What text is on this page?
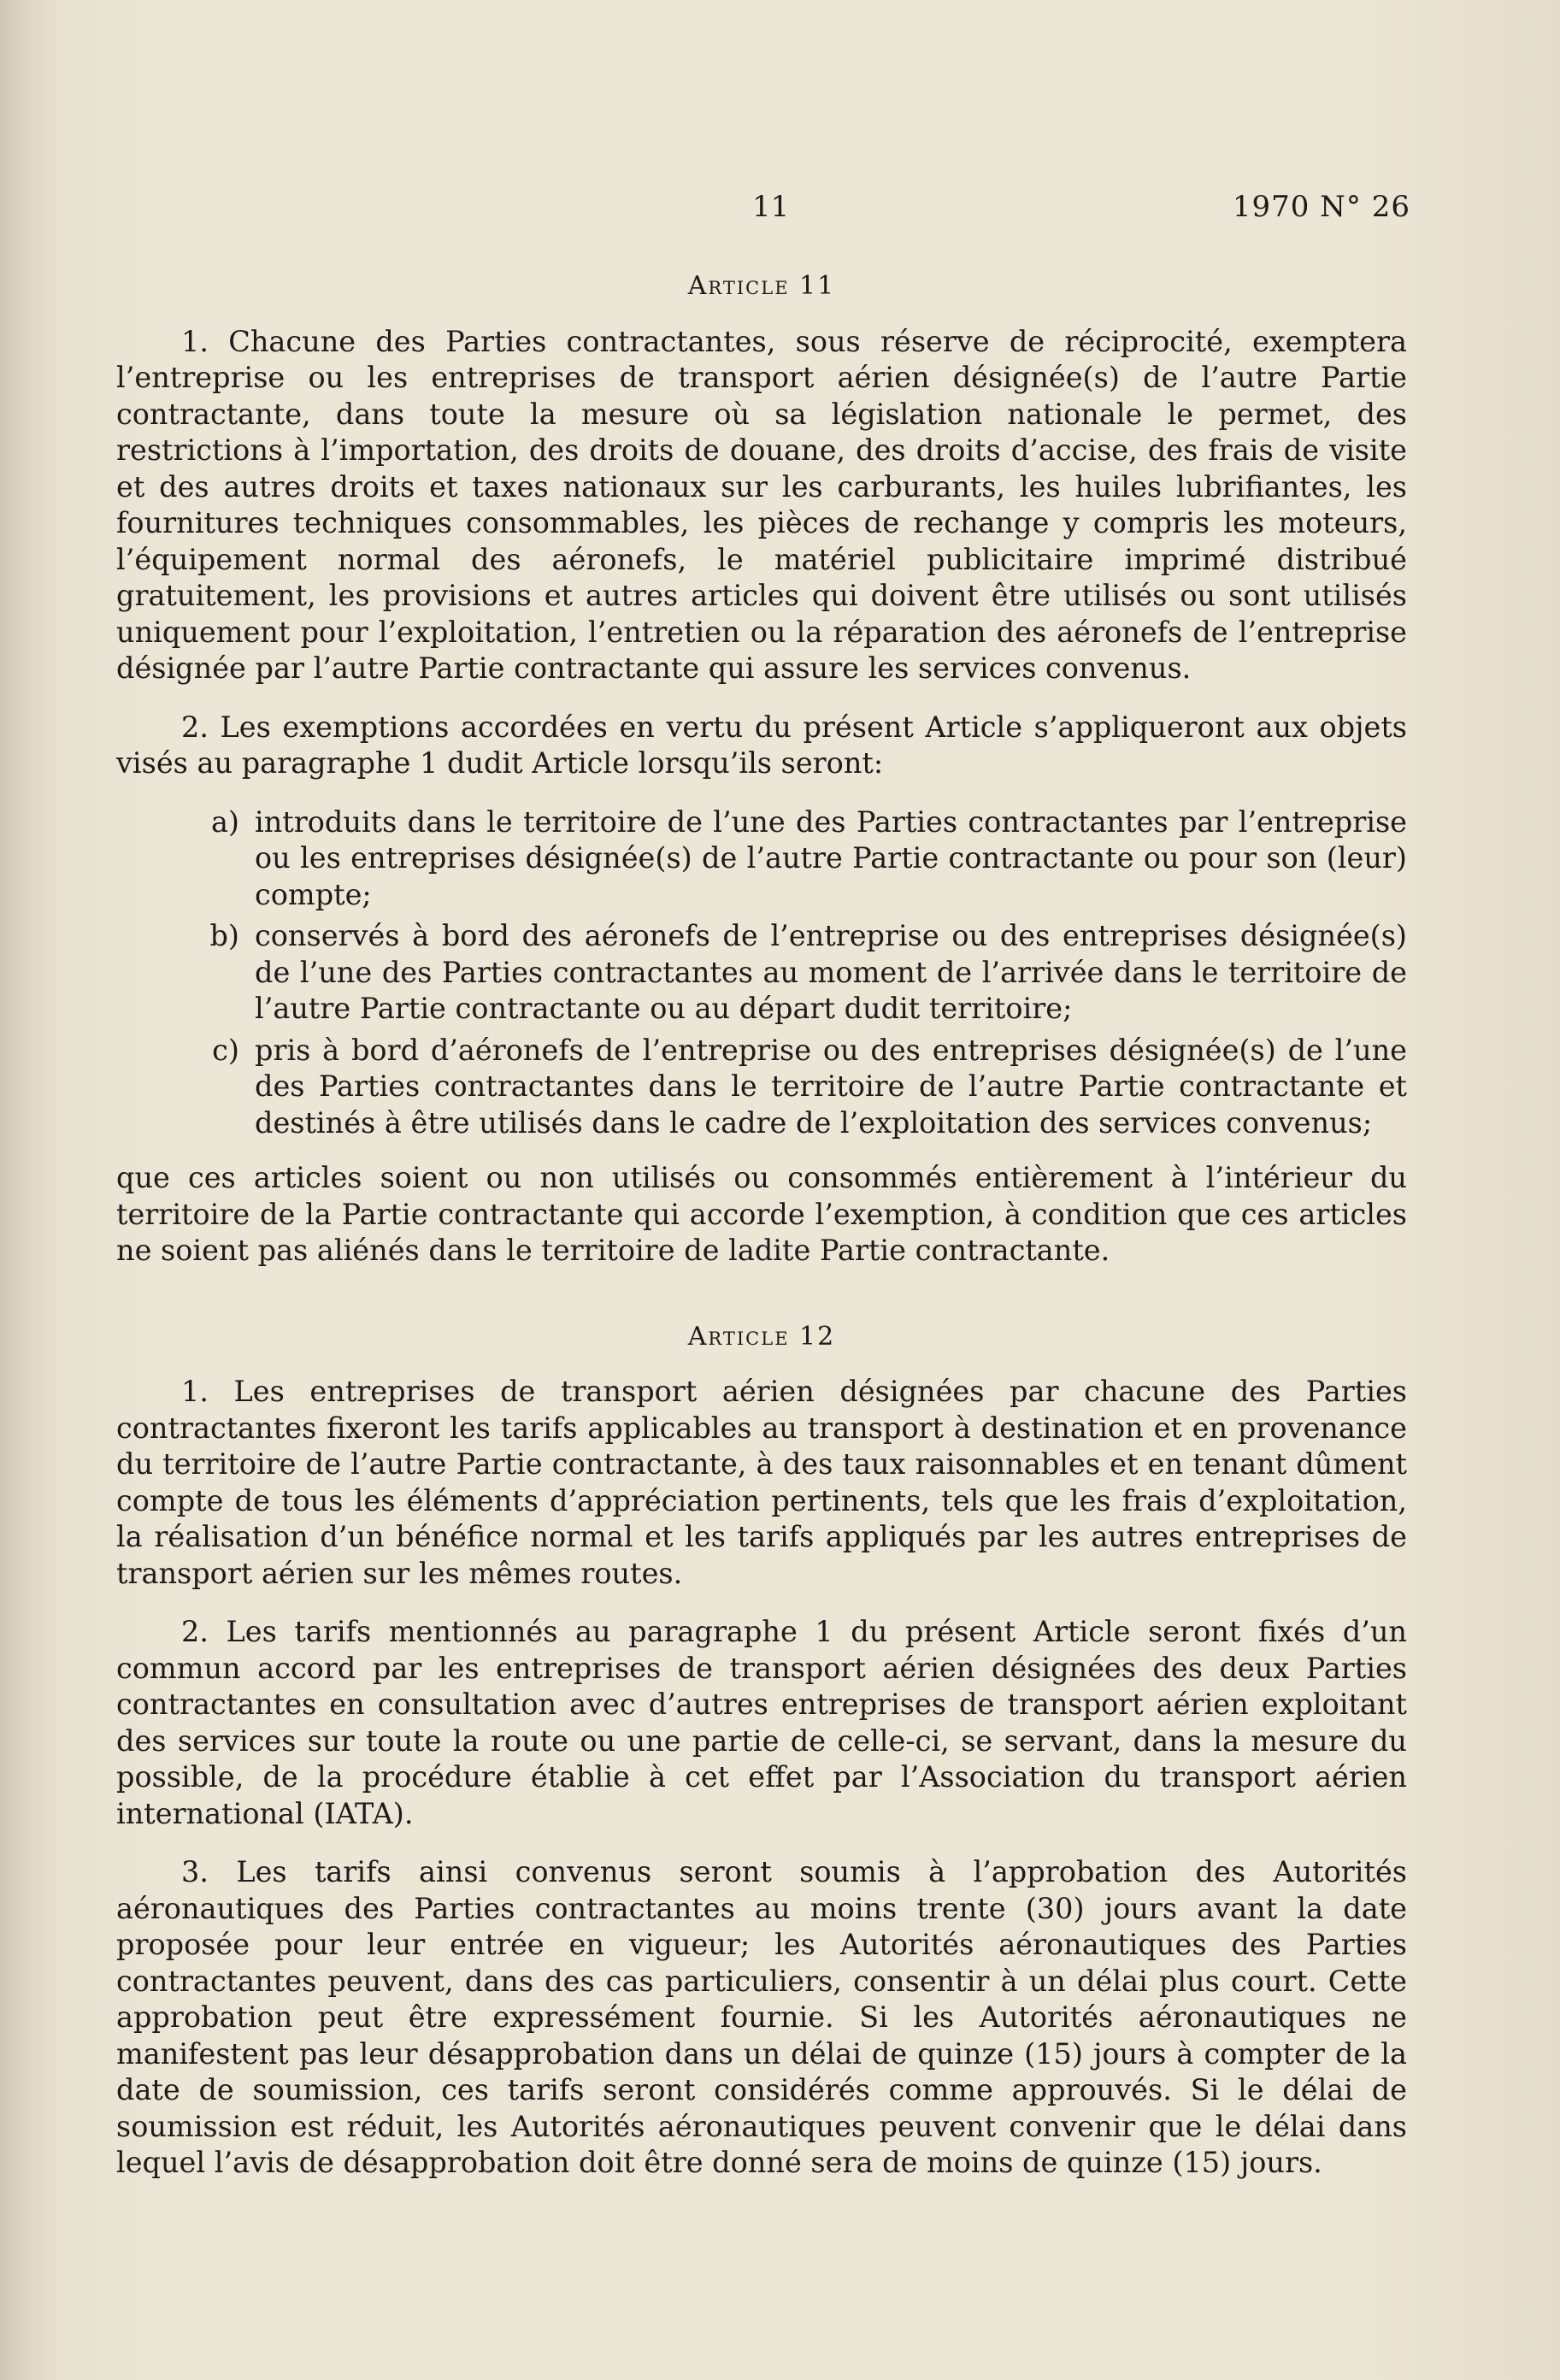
11	1970 N° 26
Article 11

1. Chacune des Parties contractantes, sous réserve de réciprocité, exemptera l’entreprise ou les entreprises de transport aérien désignée(s) de l’autre Partie contractante, dans toute la mesure où sa législation nationale le permet, des restrictions à l’importation, des droits de douane, des droits d’accise, des frais de visite et des autres droits et taxes nationaux sur les carburants, les huiles lubrifiantes, les fournitures techniques consommables, les pièces de rechange y compris les moteurs, l’équipement normal des aéronefs, le matériel publicitaire imprimé distribué gratuitement, les provisions et autres articles qui doivent être utilisés ou sont utilisés uniquement pour l’exploitation, l’entretien ou la réparation des aéronefs de l’entreprise désignée par l’autre Partie contractante qui assure les services convenus.

2. Les exemptions accordées en vertu du présent Article s’appliqueront aux objets visés au paragraphe 1 dudit Article lorsqu’ils seront:

a) introduits dans le territoire de l’une des Parties contractantes par l’entreprise ou les entreprises désignée(s) de l’autre Partie contractante ou pour son (leur) compte;
b) conservés à bord des aéronefs de l’entreprise ou des entreprises désignée(s) de l’une des Parties contractantes au moment de l’arrivée dans le territoire de l’autre Partie contractante ou au départ dudit territoire;
c) pris à bord d’aéronefs de l’entreprise ou des entreprises désignée(s) de l’une des Parties contractantes dans le territoire de l’autre Partie contractante et destinés à être utilisés dans le cadre de l’exploitation des services convenus;

que ces articles soient ou non utilisés ou consommés entièrement à l’intérieur du territoire de la Partie contractante qui accorde l’exemption, à condition que ces articles ne soient pas aliénés dans le territoire de ladite Partie contractante.

Article 12

1. Les entreprises de transport aérien désignées par chacune des Parties contractantes fixeront les tarifs applicables au transport à destination et en provenance du territoire de l’autre Partie contractante, à des taux raisonnables et en tenant dûment compte de tous les éléments d’appréciation pertinents, tels que les frais d’exploitation, la réalisation d’un bénéfice normal et les tarifs appliqués par les autres entreprises de transport aérien sur les mêmes routes.

2. Les tarifs mentionnés au paragraphe 1 du présent Article seront fixés d’un commun accord par les entreprises de transport aérien désignées des deux Parties contractantes en consultation avec d’autres entreprises de transport aérien exploitant des services sur toute la route ou une partie de celle-ci, se servant, dans la mesure du possible, de la procédure établie à cet effet par l’Association du transport aérien international (IATA).

3. Les tarifs ainsi convenus seront soumis à l’approbation des Autorités aéronautiques des Parties contractantes au moins trente (30) jours avant la date proposée pour leur entrée en vigueur; les Autorités aéronautiques des Parties contractantes peuvent, dans des cas particuliers, consentir à un délai plus court. Cette approbation peut être expressément fournie. Si les Autorités aéronautiques ne manifestent pas leur désapprobation dans un délai de quinze (15) jours à compter de la date de soumission, ces tarifs seront considérés comme approuvés. Si le délai de soumission est réduit, les Autorités aéronautiques peuvent convenir que le délai dans lequel l’avis de désapprobation doit être donné sera de moins de quinze (15) jours.
